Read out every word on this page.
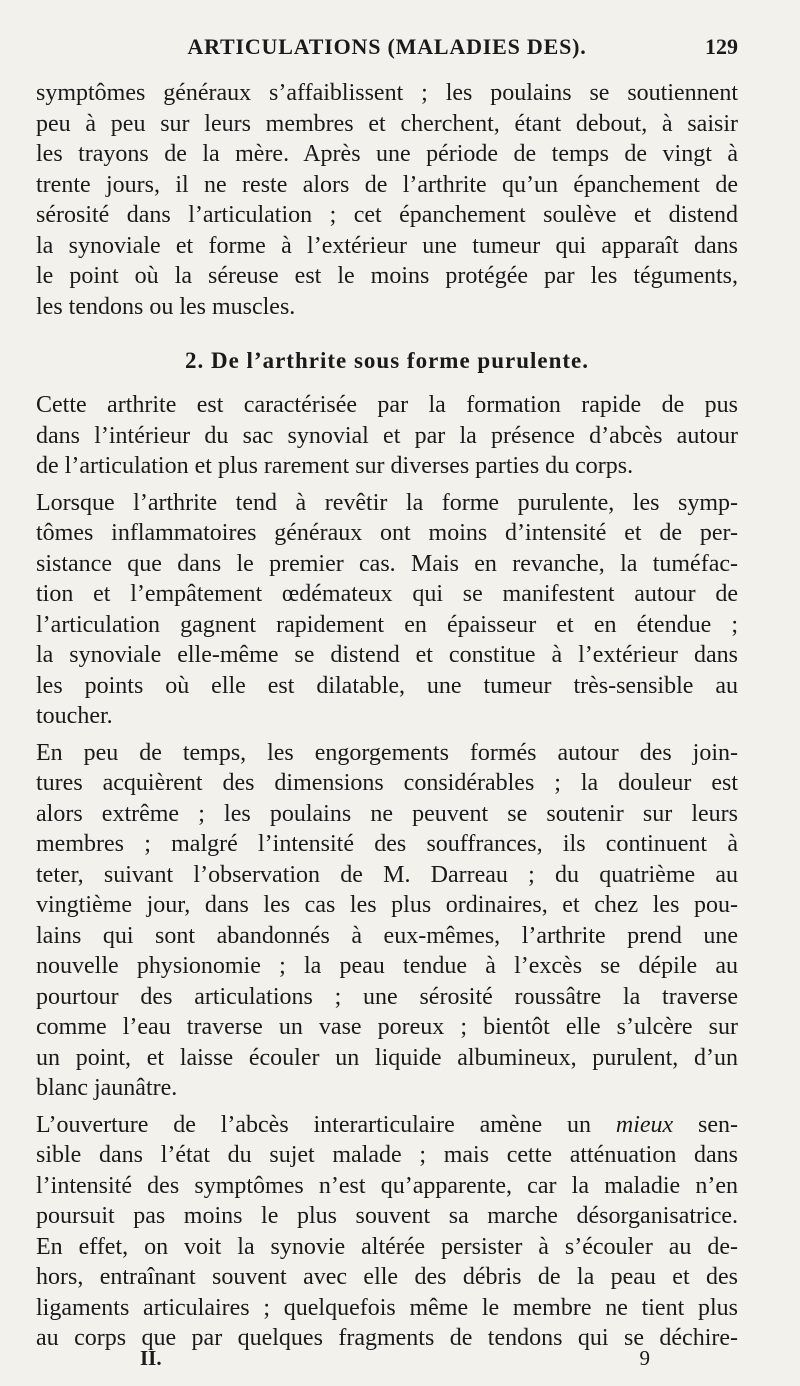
ARTICULATIONS (MALADIES DES).	129
symptômes généraux s’affaiblissent ; les poulains se soutiennent
peu à peu sur leurs membres et cherchent, étant debout, à saisir
les trayons de la mère. Après une période de temps de vingt à
trente jours, il ne reste alors de l’arthrite qu’un épanchement de
sérosité dans l’articulation ; cet épanchement soulève et distend
la synoviale et forme à l’extérieur une tumeur qui apparaît dans
le point où la séreuse est le moins protégée par les téguments,
les tendons ou les muscles.
2. De l’arthrite sous forme purulente.
Cette arthrite est caractérisée par la formation rapide de pus
dans l’intérieur du sac synovial et par la présence d’abcès autour
de l’articulation et plus rarement sur diverses parties du corps.
Lorsque l’arthrite tend à revêtir la forme purulente, les symp-
tômes inflammatoires généraux ont moins d’intensité et de per-
sistance que dans le premier cas. Mais en revanche, la tuméfac-
tion et l’empâtement œdémateux qui se manifestent autour de
l’articulation gagnent rapidement en épaisseur et en étendue ;
la synoviale elle-même se distend et constitue à l’extérieur dans
les points où elle est dilatable, une tumeur très-sensible au
toucher.
En peu de temps, les engorgements formés autour des join-
tures acquièrent des dimensions considérables ; la douleur est
alors extrême ; les poulains ne peuvent se soutenir sur leurs
membres ; malgré l’intensité des souffrances, ils continuent à
teter, suivant l’observation de M. Darreau ; du quatrième au
vingtième jour, dans les cas les plus ordinaires, et chez les pou-
lains qui sont abandonnés à eux-mêmes, l’arthrite prend une
nouvelle physionomie ; la peau tendue à l’excès se dépile au
pourtour des articulations ; une sérosité roussâtre la traverse
comme l’eau traverse un vase poreux ; bientôt elle s’ulcère sur
un point, et laisse écouler un liquide albumineux, purulent, d’un
blanc jaunâtre.
L’ouverture de l’abcès interarticulaire amène un mieux sen-
sible dans l’état du sujet malade ; mais cette atténuation dans
l’intensité des symptômes n’est qu’apparente, car la maladie n’en
poursuit pas moins le plus souvent sa marche désorganisatrice.
En effet, on voit la synovie altérée persister à s’écouler au de-
hors, entraînant souvent avec elle des débris de la peau et des
ligaments articulaires ; quelquefois même le membre ne tient plus
au corps que par quelques fragments de tendons qui se déchire-
II.	9
